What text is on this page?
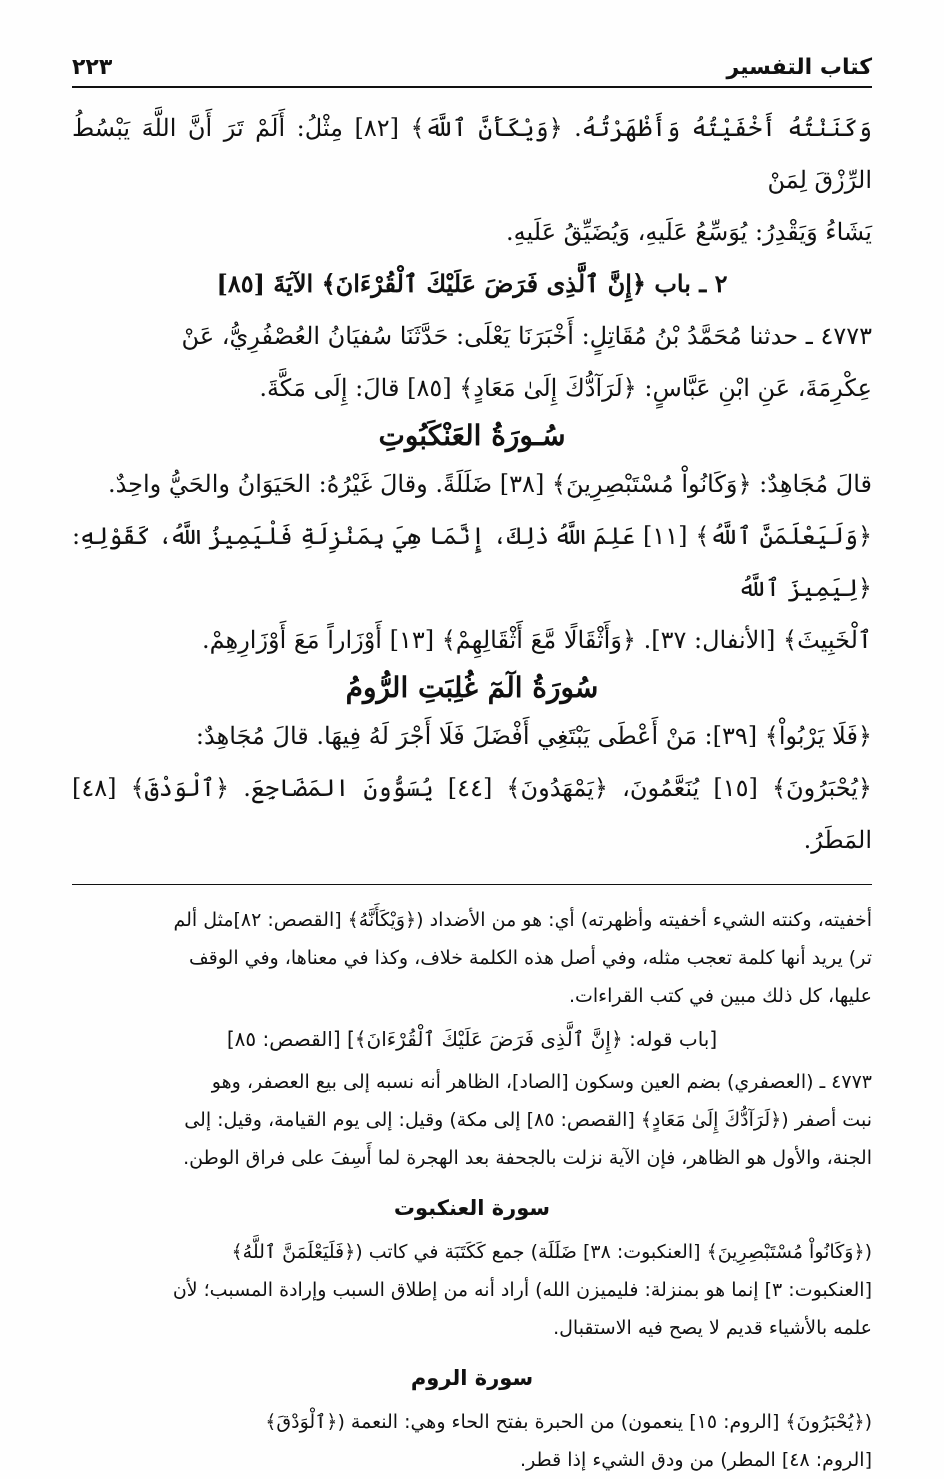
٢٢٣	كتاب التفسير

وَكَنَنْتُهُ أَخْفَيْتُهُ وَأَظْهَرْتُهُ. ﴿وَيْكَأَنَّ ٱللَّهَ﴾ [٨٢] مِثْلُ: أَلَمْ تَرَ أَنَّ اللَّهَ يَبْسُطُ الرِّزْقَ لِمَنْ

يَشَاءُ وَيَقْدِرُ: يُوَسِّعُ عَلَيهِ، وَيُضَيِّقُ عَلَيهِ.

٢ ـ باب ﴿إِنَّ ٱلَّذِى فَرَضَ عَلَيْكَ ٱلْقُرْءَانَ﴾ الآيَةَ [٨٥]

٤٧٧٣ ـ حدثنا مُحَمَّدُ بْنُ مُقَاتِلٍ: أَخْبَرَنَا يَعْلَى: حَدَّثَنَا سُفيَانُ العُصْفُرِيُّ، عَنْ

عِكْرِمَةَ، عَنِ ابْنِ عَبَّاسٍ: ﴿لَرَآدُّكَ إِلَىٰ مَعَادٍ﴾ [٨٥] قالَ: إِلَى مَكَّةَ.

سُـورَةُ العَنْكَبُوتِ

قالَ مُجَاهِدٌ: ﴿وَكَانُواْ مُسْتَبْصِرِينَ﴾ [٣٨] ضَلَلَةً. وقالَ غَيْرُهُ: الحَيَوَانُ والحَيُّ واحِدٌ.

﴿وَلَيَعْلَمَنَّ ٱللَّهُ﴾ [١١] عَلِمَ اللَّهُ ذلِكَ، إِنَّمَا هِيَ بِمَنْزِلَةِ فَلْيَمِيزُ اللَّهُ، كَقَوْلِهِ: ﴿لِيَمِيزَ ٱللَّهُ

ٱلْخَبِيثَ﴾ [الأنفال: ٣٧]. ﴿وَأَثْقَالًا مَّعَ أَثْقَالِهِمْ﴾ [١٣] أَوْزَاراً مَعَ أَوْزَارِهِمْ.

سُورَةُ الٓمٓ غُلِبَتِ الرُّومُ

﴿فَلَا يَرْبُواْ﴾ [٣٩]: مَنْ أَعْطَى يَبْتَغِي أَفْضَلَ فَلَا أَجْرَ لَهُ فِيهَا. قالَ مُجَاهِدٌ:

﴿يُحْبَرُونَ﴾ [١٥] يُنَعَّمُونَ، ﴿يَمْهَدُونَ﴾ [٤٤] يُسَوُّونَ المَضَاجِعَ. ﴿ٱلْوَدْقَ﴾ [٤٨] المَطَرُ.

أخفيته، وكنته الشيء أخفيته وأظهرته) أي: هو من الأضداد (﴿وَيْكَأَنَّهُ﴾ [القصص: ٨٢]مثل ألم

تر) يريد أنها كلمة تعجب مثله، وفي أصل هذه الكلمة خلاف، وكذا في معناها، وفي الوقف

عليها، كل ذلك مبين في كتب القراءات.

[باب قوله: ﴿إِنَّ ٱلَّذِى فَرَضَ عَلَيْكَ ٱلْقُرْءَانَ﴾] [القصص: ٨٥]

٤٧٧٣ ـ (العصفري) بضم العين وسكون [الصاد]، الظاهر أنه نسبه إلى بيع العصفر، وهو

نبت أصفر (﴿لَرَآدُّكَ إِلَىٰ مَعَادٍ﴾ [القصص: ٨٥] إلى مكة) وقيل: إلى يوم القيامة، وقيل: إلى

الجنة، والأول هو الظاهر، فإن الآية نزلت بالجحفة بعد الهجرة لما أَسِفَ على فراق الوطن.

سورة العنكبوت

(﴿وَكَانُواْ مُسْتَبْصِرِينَ﴾ [العنكبوت: ٣٨] ضَلَلَة) جمع كَكَتَبَة في كاتب (﴿فَلَيَعْلَمَنَّ ٱللَّهُ﴾

[العنكبوت: ٣] إنما هو بمنزلة: فليميزن الله) أراد أنه من إطلاق السبب وإرادة المسبب؛ لأن

علمه بالأشياء قديم لا يصح فيه الاستقبال.

سورة الروم

(﴿يُحْبَرُونَ﴾ [الروم: ١٥] ينعمون) من الحبرة بفتح الحاء وهي: النعمة (﴿ٱلْوَدْقَ﴾

[الروم: ٤٨] المطر) من ودق الشيء إذا قطر.
